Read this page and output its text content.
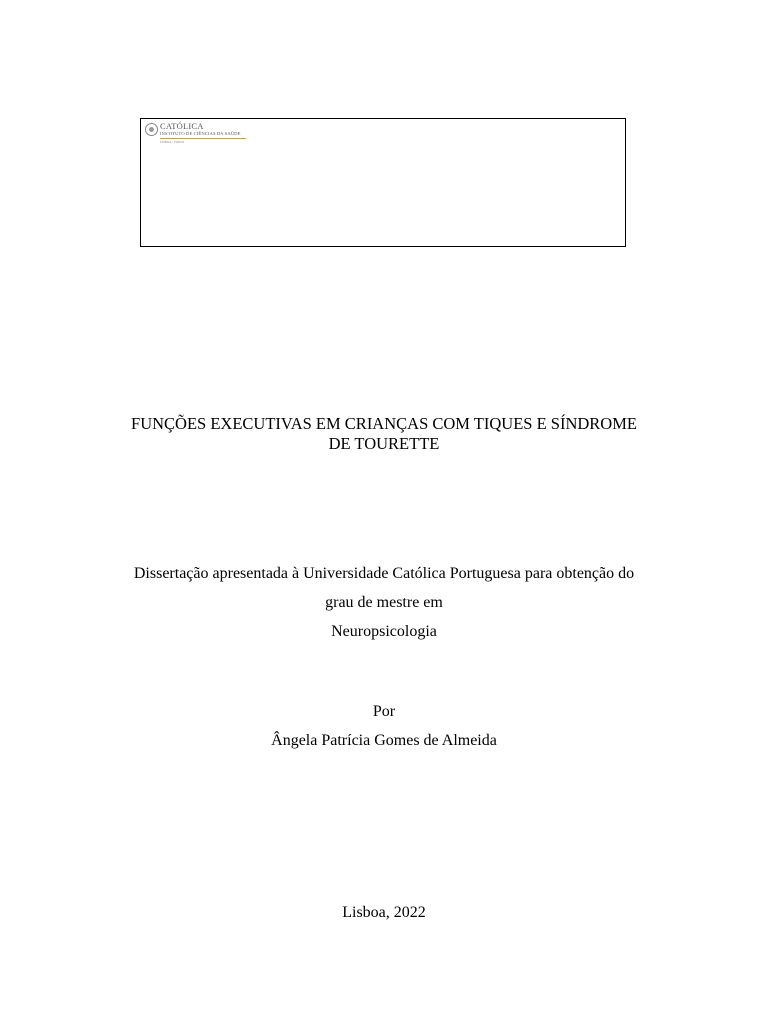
CATÓLICA
INSTITUTO DE CIÊNCIAS DA SAÚDE
LISBOA · PORTO
FUNÇÕES EXECUTIVAS EM CRIANÇAS COM TIQUES E SÍNDROME
DE TOURETTE
Dissertação apresentada à Universidade Católica Portuguesa para obtenção do
grau de mestre em
Neuropsicologia
Por
Ângela Patrícia Gomes de Almeida
Lisboa, 2022
